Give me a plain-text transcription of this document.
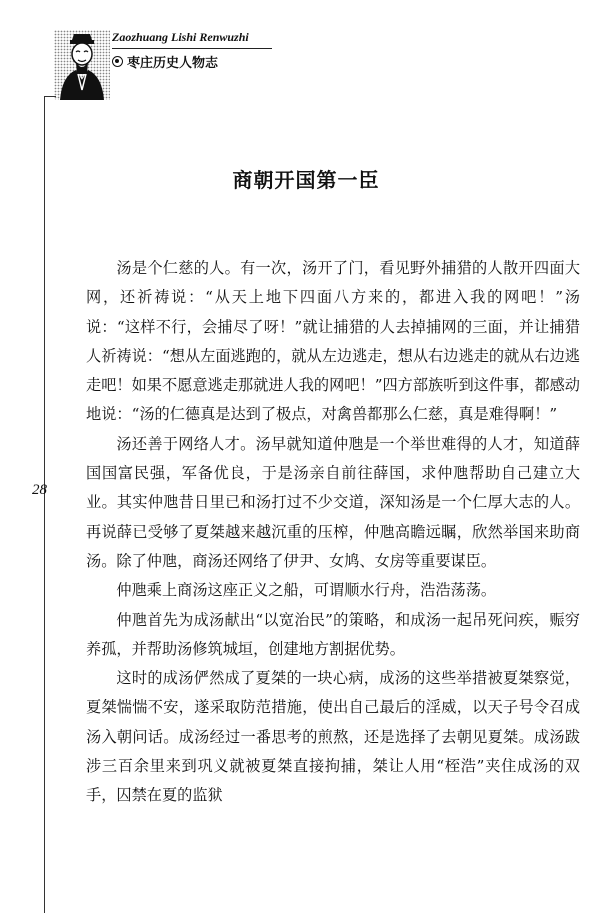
Zaozhuang Lishi Renwuzhi
枣庄历史人物志
28
商朝开国第一臣

汤是个仁慈的人。有一次，汤开了门，看见野外捕猎的人散开四面大网，还祈祷说：“从天上地下四面八方来的，都进入我的网吧！”汤说：“这样不行，会捕尽了呀！”就让捕猎的人去掉捕网的三面，并让捕猎人祈祷说：“想从左面逃跑的，就从左边逃走，想从右边逃走的就从右边逃走吧！如果不愿意逃走那就进人我的网吧！”四方部族听到这件事，都感动地说：“汤的仁德真是达到了极点，对禽兽都那么仁慈，真是难得啊！”

汤还善于网络人才。汤早就知道仲虺是一个举世难得的人才，知道薛国国富民强，军备优良，于是汤亲自前往薛国，求仲虺帮助自己建立大业。其实仲虺昔日里已和汤打过不少交道，深知汤是一个仁厚大志的人。再说薛已受够了夏桀越来越沉重的压榨，仲虺高瞻远瞩，欣然举国来助商汤。除了仲虺，商汤还网络了伊尹、女鸠、女房等重要谋臣。

仲虺乘上商汤这座正义之船，可谓顺水行舟，浩浩荡荡。

仲虺首先为成汤献出“以宽治民”的策略，和成汤一起吊死问疾，赈穷养孤，并帮助汤修筑城垣，创建地方割据优势。

这时的成汤俨然成了夏桀的一块心病，成汤的这些举措被夏桀察觉，夏桀惴惴不安，遂采取防范措施，使出自己最后的淫威，以天子号令召成汤入朝问话。成汤经过一番思考的煎熬，还是选择了去朝见夏桀。成汤跋涉三百余里来到巩义就被夏桀直接拘捕，桀让人用“桎浩”夹住成汤的双手，囚禁在夏的监狱
